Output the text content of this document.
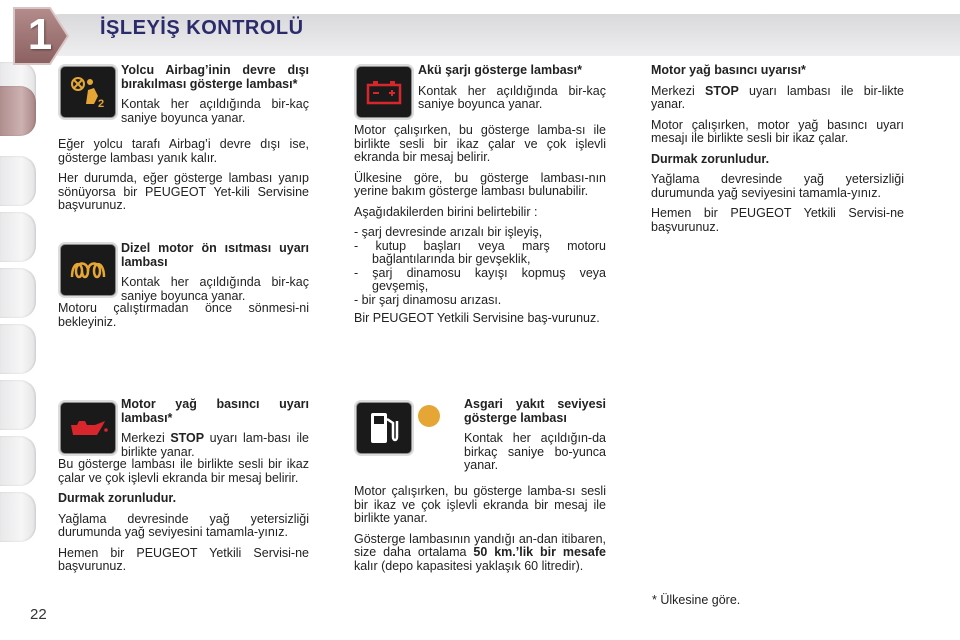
1	İŞLEYİŞ KONTROLÜ
2

Yolcu Airbag’inin devre dışı bırakılması gösterge lambası*

Kontak her açıldığında bir-kaç saniye boyunca yanar.

Eğer yolcu tarafı Airbag’i devre dışı ise, gösterge lambası yanık kalır.

Her durumda, eğer gösterge lambası yanıp sönüyorsa bir PEUGEOT Yet-kili Servisine başvurunuz.

Dizel motor ön ısıtması uyarı lambası

Kontak her açıldığında bir-kaç saniye boyunca yanar.

Motoru çalıştırmadan önce sönmesi-ni bekleyiniz.

Motor yağ basıncı uyarı lambası*

Merkezi STOP uyarı lam-bası ile birlikte yanar.

Bu gösterge lambası ile birlikte sesli bir ikaz çalar ve çok işlevli ekranda bir mesaj belirir.

Durmak zorunludur.

Yağlama devresinde yağ yetersizliği durumunda yağ seviyesini tamamla-yınız.

Hemen bir PEUGEOT Yetkili Servisi-ne başvurunuz.

Akü şarjı gösterge lambası*

Kontak her açıldığında bir-kaç saniye boyunca yanar.

Motor çalışırken, bu gösterge lamba-sı ile birlikte sesli bir ikaz çalar ve çok işlevli ekranda bir mesaj belirir.

Ülkesine göre, bu gösterge lambası-nın yerine bakım gösterge lambası bulunabilir.

Aşağıdakilerden birini belirtebilir :

- şarj devresinde arızalı bir işleyiş,
- kutup başları veya marş motoru bağlantılarında bir gevşeklik,
- şarj dinamosu kayışı kopmuş veya gevşemiş,
- bir şarj dinamosu arızası.

Bir PEUGEOT Yetkili Servisine baş-vurunuz.

Asgari yakıt seviyesi gösterge lambası

Kontak her açıldığın-da birkaç saniye bo-yunca yanar.

Motor çalışırken, bu gösterge lamba-sı sesli bir ikaz ve çok işlevli ekranda bir mesaj ile birlikte yanar.

Gösterge lambasının yandığı an-dan itibaren, size daha ortalama 50 km.’lik bir mesafe kalır (depo kapasitesi yaklaşık 60 litredir).

Motor yağ basıncı uyarısı*

Merkezi STOP uyarı lambası ile bir-likte yanar.

Motor çalışırken, motor yağ basıncı uyarı mesajı ile birlikte sesli bir ikaz çalar.

Durmak zorunludur.

Yağlama devresinde yağ yetersizliği durumunda yağ seviyesini tamamla-yınız.

Hemen bir PEUGEOT Yetkili Servisi-ne başvurunuz.

* Ülkesine göre.
22
